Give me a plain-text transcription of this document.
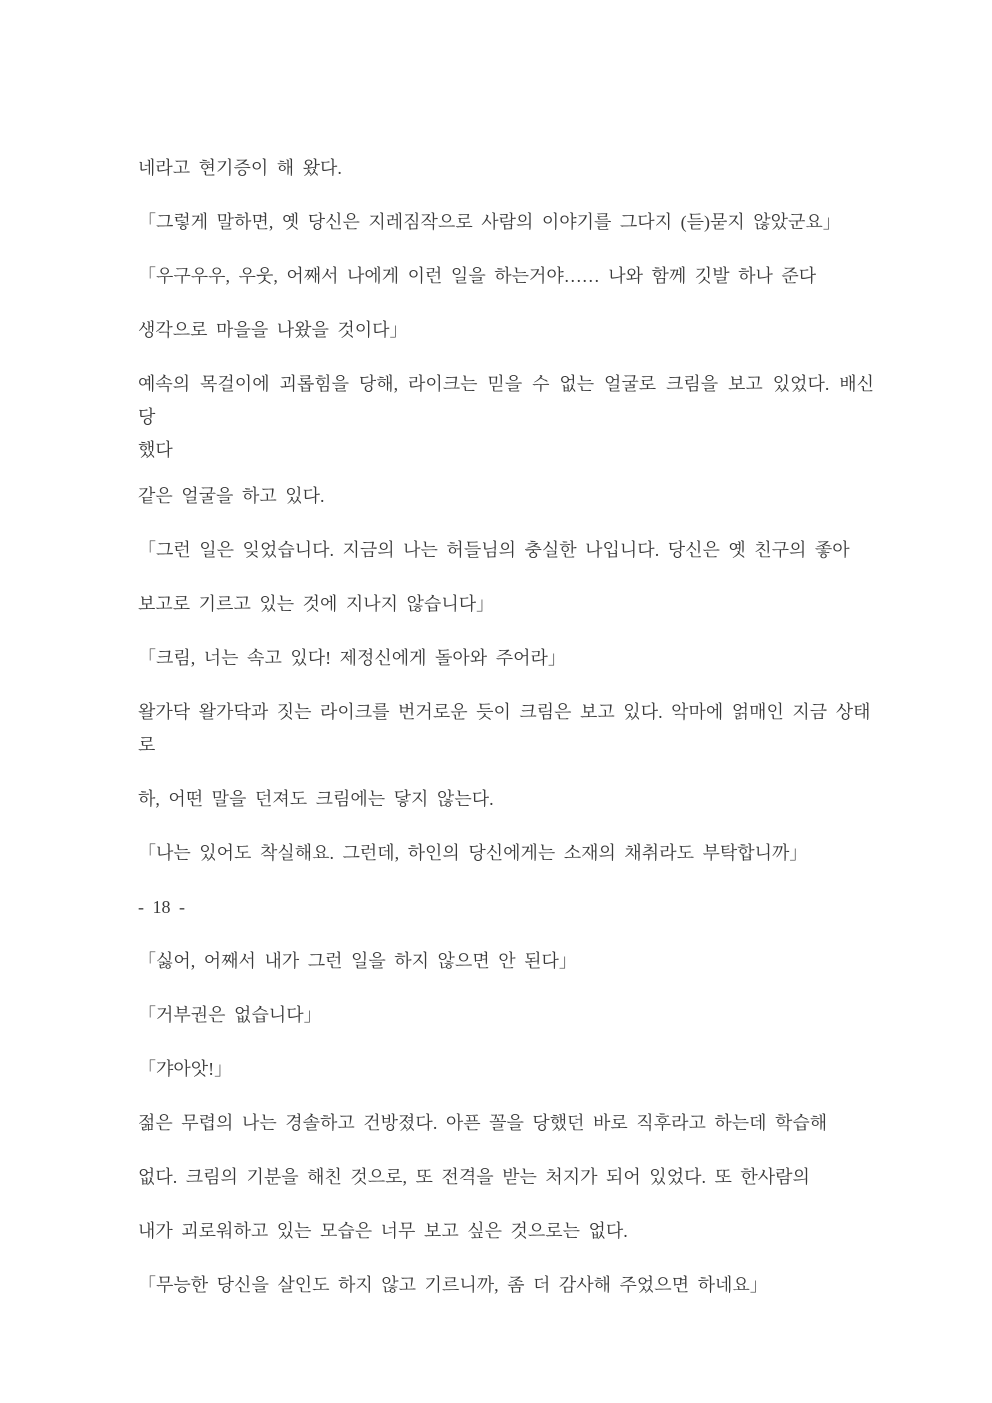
네라고 현기증이 해 왔다.

「그렇게 말하면, 옛 당신은 지레짐작으로 사람의 이야기를 그다지 (듣)묻지 않았군요」

「우구우우, 우웃, 어째서 나에게 이런 일을 하는거야…… 나와 함께 깃발 하나 준다

생각으로 마을을 나왔을 것이다」

예속의 목걸이에 괴롭힘을 당해, 라이크는 믿을 수 없는 얼굴로 크림을 보고 있었다. 배신당
했다

같은 얼굴을 하고 있다.

「그런 일은 잊었습니다. 지금의 나는 허들님의 충실한 나입니다. 당신은 옛 친구의 좋아

보고로 기르고 있는 것에 지나지 않습니다」

「크림, 너는 속고 있다! 제정신에게 돌아와 주어라」

왈가닥 왈가닥과 짓는 라이크를 번거로운 듯이 크림은 보고 있다. 악마에 얽매인 지금 상태로

하, 어떤 말을 던져도 크림에는 닿지 않는다.

「나는 있어도 착실해요. 그런데, 하인의 당신에게는 소재의 채취라도 부탁합니까」

- 18 -

「싫어, 어째서 내가 그런 일을 하지 않으면 안 된다」

「거부권은 없습니다」

「갸아앗!」

젊은 무렵의 나는 경솔하고 건방졌다. 아픈 꼴을 당했던 바로 직후라고 하는데 학습해

없다. 크림의 기분을 해친 것으로, 또 전격을 받는 처지가 되어 있었다. 또 한사람의

내가 괴로워하고 있는 모습은 너무 보고 싶은 것으로는 없다.

「무능한 당신을 살인도 하지 않고 기르니까, 좀 더 감사해 주었으면 하네요」
